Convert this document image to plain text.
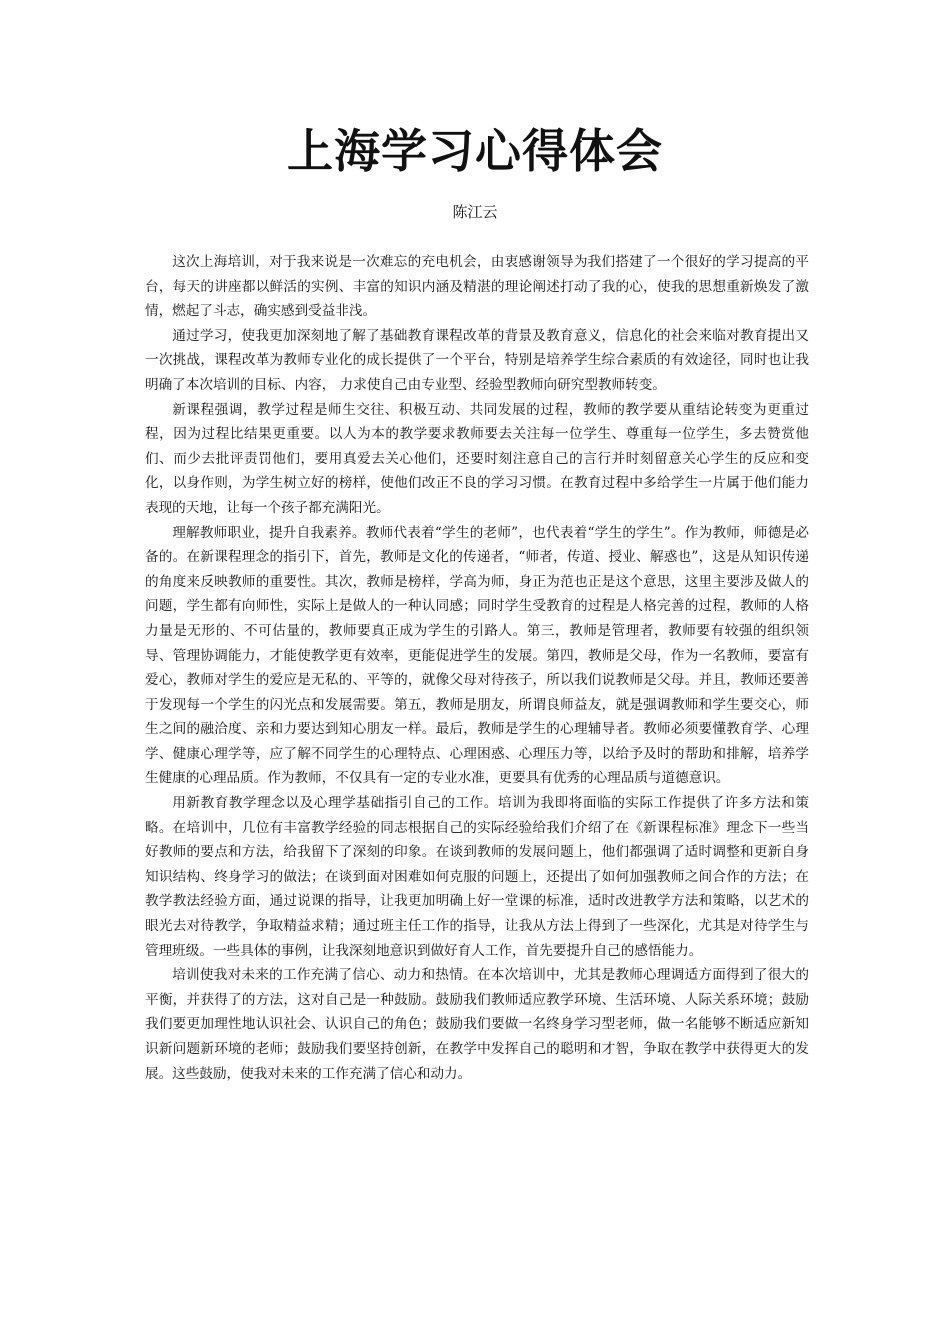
上海学习心得体会

陈江云

这次上海培训，对于我来说是一次难忘的充电机会，由衷感谢领导为我们搭建了一个很好的学习提高的平台，每天的讲座都以鲜活的实例、丰富的知识内涵及精湛的理论阐述打动了我的心，使我的思想重新焕发了激情，燃起了斗志，确实感到受益非浅。

通过学习，使我更加深刻地了解了基础教育课程改革的背景及教育意义，信息化的社会来临对教育提出又一次挑战，课程改革为教师专业化的成长提供了一个平台，特别是培养学生综合素质的有效途径，同时也让我明确了本次培训的目标、内容， 力求使自己由专业型、经验型教师向研究型教师转变。

新课程强调，教学过程是师生交往、积极互动、共同发展的过程，教师的教学要从重结论转变为更重过程，因为过程比结果更重要。以人为本的教学要求教师要去关注每一位学生、尊重每一位学生，多去赞赏他们、而少去批评责罚他们，要用真爱去关心他们，还要时刻注意自己的言行并时刻留意关心学生的反应和变化，以身作则，为学生树立好的榜样，使他们改正不良的学习习惯。在教育过程中多给学生一片属于他们能力表现的天地，让每一个孩子都充满阳光。

理解教师职业，提升自我素养。教师代表着“学生的老师”，也代表着“学生的学生”。作为教师，师德是必备的。在新课程理念的指引下，首先，教师是文化的传递者，“师者，传道、授业、解惑也”，这是从知识传递的角度来反映教师的重要性。其次，教师是榜样，学高为师，身正为范也正是这个意思，这里主要涉及做人的问题，学生都有向师性，实际上是做人的一种认同感；同时学生受教育的过程是人格完善的过程，教师的人格力量是无形的、不可估量的，教师要真正成为学生的引路人。第三，教师是管理者，教师要有较强的组织领导、管理协调能力，才能使教学更有效率，更能促进学生的发展。第四，教师是父母，作为一名教师，要富有爱心，教师对学生的爱应是无私的、平等的，就像父母对待孩子，所以我们说教师是父母。并且，教师还要善于发现每一个学生的闪光点和发展需要。第五，教师是朋友，所谓良师益友，就是强调教师和学生要交心，师生之间的融洽度、亲和力要达到知心朋友一样。最后，教师是学生的心理辅导者。教师必须要懂教育学、心理学、健康心理学等，应了解不同学生的心理特点、心理困惑、心理压力等，以给予及时的帮助和排解，培养学生健康的心理品质。作为教师，不仅具有一定的专业水准，更要具有优秀的心理品质与道德意识。

用新教育教学理念以及心理学基础指引自己的工作。培训为我即将面临的实际工作提供了许多方法和策略。在培训中，几位有丰富教学经验的同志根据自己的实际经验给我们介绍了在《新课程标准》理念下一些当好教师的要点和方法，给我留下了深刻的印象。在谈到教师的发展问题上，他们都强调了适时调整和更新自身知识结构、终身学习的做法；在谈到面对困难如何克服的问题上，还提出了如何加强教师之间合作的方法；在教学教法经验方面，通过说课的指导，让我更加明确上好一堂课的标准，适时改进教学方法和策略，以艺术的眼光去对待教学，争取精益求精；通过班主任工作的指导，让我从方法上得到了一些深化，尤其是对待学生与管理班级。一些具体的事例，让我深刻地意识到做好育人工作，首先要提升自己的感悟能力。

培训使我对未来的工作充满了信心、动力和热情。在本次培训中，尤其是教师心理调适方面得到了很大的平衡，并获得了的方法，这对自己是一种鼓励。鼓励我们教师适应教学环境、生活环境、人际关系环境；鼓励我们要更加理性地认识社会、认识自己的角色；鼓励我们要做一名终身学习型老师，做一名能够不断适应新知识新问题新环境的老师；鼓励我们要坚持创新，在教学中发挥自己的聪明和才智，争取在教学中获得更大的发展。这些鼓励，使我对未来的工作充满了信心和动力。
